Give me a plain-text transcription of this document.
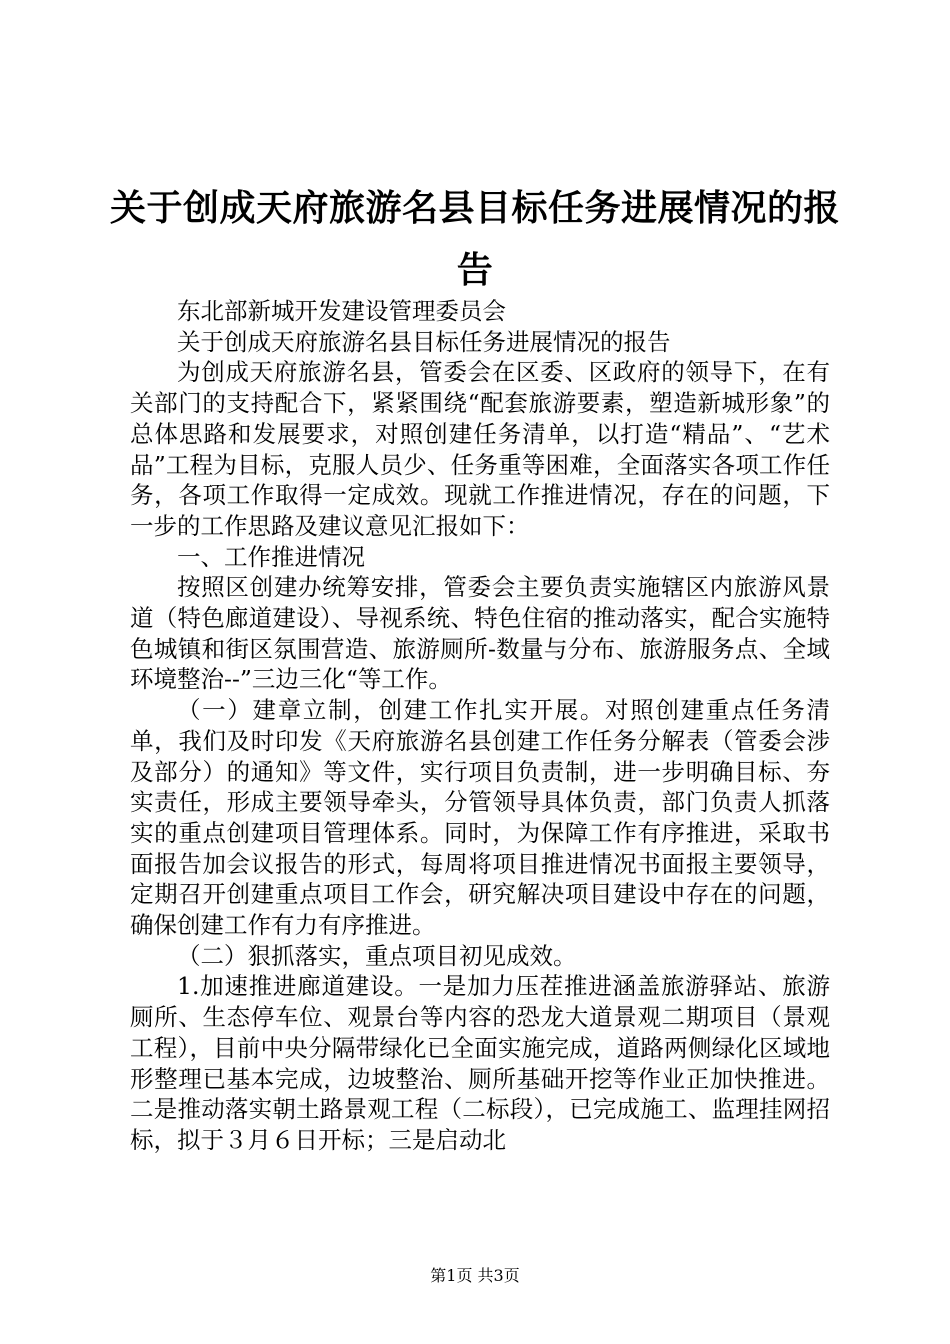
关于创成天府旅游名县目标任务进展情况的报告

东北部新城开发建设管理委员会

关于创成天府旅游名县目标任务进展情况的报告

为创成天府旅游名县，管委会在区委、区政府的领导下，在有关部门的支持配合下，紧紧围绕“配套旅游要素，塑造新城形象”的总体思路和发展要求，对照创建任务清单，以打造“精品”、“艺术品”工程为目标，克服人员少、任务重等困难，全面落实各项工作任务，各项工作取得一定成效。现就工作推进情况，存在的问题，下一步的工作思路及建议意见汇报如下：

一、工作推进情况

按照区创建办统筹安排，管委会主要负责实施辖区内旅游风景道（特色廊道建设）、导视系统、特色住宿的推动落实，配合实施特色城镇和街区氛围营造、旅游厕所-数量与分布、旅游服务点、全域环境整治--”三边三化“等工作。

（一）建章立制，创建工作扎实开展。对照创建重点任务清单，我们及时印发《天府旅游名县创建工作任务分解表（管委会涉及部分）的通知》等文件，实行项目负责制，进一步明确目标、夯实责任，形成主要领导牵头，分管领导具体负责，部门负责人抓落实的重点创建项目管理体系。同时，为保障工作有序推进，采取书面报告加会议报告的形式，每周将项目推进情况书面报主要领导，定期召开创建重点项目工作会，研究解决项目建设中存在的问题，确保创建工作有力有序推进。

（二）狠抓落实，重点项目初见成效。

1.加速推进廊道建设。一是加力压茬推进涵盖旅游驿站、旅游厕所、生态停车位、观景台等内容的恐龙大道景观二期项目（景观工程），目前中央分隔带绿化已全面实施完成，道路两侧绿化区域地形整理已基本完成，边坡整治、厕所基础开挖等作业正加快推进。二是推动落实朝土路景观工程（二标段），已完成施工、监理挂网招标，拟于３月６日开标；三是启动北

第1页 共3页
